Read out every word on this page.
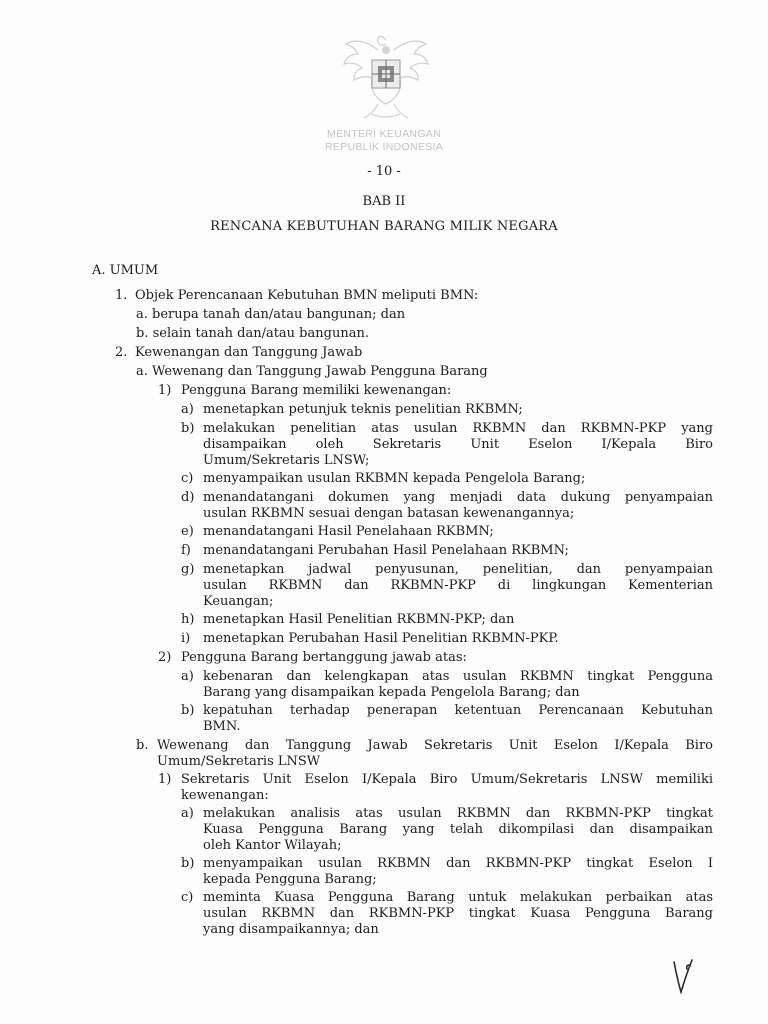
MENTERI KEUANGAN
REPUBLIK INDONESIA
- 10 -
BAB II
RENCANA KEBUTUHAN BARANG MILIK NEGARA
A. UMUM
1. Objek Perencanaan Kebutuhan BMN meliputi BMN:
a. berupa tanah dan/atau bangunan; dan
b. selain tanah dan/atau bangunan.
2. Kewenangan dan Tanggung Jawab
a. Wewenang dan Tanggung Jawab Pengguna Barang
1) Pengguna Barang memiliki kewenangan:
a) menetapkan petunjuk teknis penelitian RKBMN;
b) melakukan penelitian atas usulan RKBMN dan RKBMN-PKP yang
disampaikan oleh Sekretaris Unit Eselon I/Kepala Biro
Umum/Sekretaris LNSW;
c) menyampaikan usulan RKBMN kepada Pengelola Barang;
d) menandatangani dokumen yang menjadi data dukung penyampaian
usulan RKBMN sesuai dengan batasan kewenangannya;
e) menandatangani Hasil Penelahaan RKBMN;
f) menandatangani Perubahan Hasil Penelahaan RKBMN;
g) menetapkan jadwal penyusunan, penelitian, dan penyampaian
usulan RKBMN dan RKBMN-PKP di lingkungan Kementerian
Keuangan;
h) menetapkan Hasil Penelitian RKBMN-PKP; dan
i) menetapkan Perubahan Hasil Penelitian RKBMN-PKP.
2) Pengguna Barang bertanggung jawab atas:
a) kebenaran dan kelengkapan atas usulan RKBMN tingkat Pengguna
Barang yang disampaikan kepada Pengelola Barang; dan
b) kepatuhan terhadap penerapan ketentuan Perencanaan Kebutuhan
BMN.
b. Wewenang dan Tanggung Jawab Sekretaris Unit Eselon I/Kepala Biro
Umum/Sekretaris LNSW
1) Sekretaris Unit Eselon I/Kepala Biro Umum/Sekretaris LNSW memiliki
kewenangan:
a) melakukan analisis atas usulan RKBMN dan RKBMN-PKP tingkat
Kuasa Pengguna Barang yang telah dikompilasi dan disampaikan
oleh Kantor Wilayah;
b) menyampaikan usulan RKBMN dan RKBMN-PKP tingkat Eselon I
kepada Pengguna Barang;
c) meminta Kuasa Pengguna Barang untuk melakukan perbaikan atas
usulan RKBMN dan RKBMN-PKP tingkat Kuasa Pengguna Barang
yang disampaikannya; dan
